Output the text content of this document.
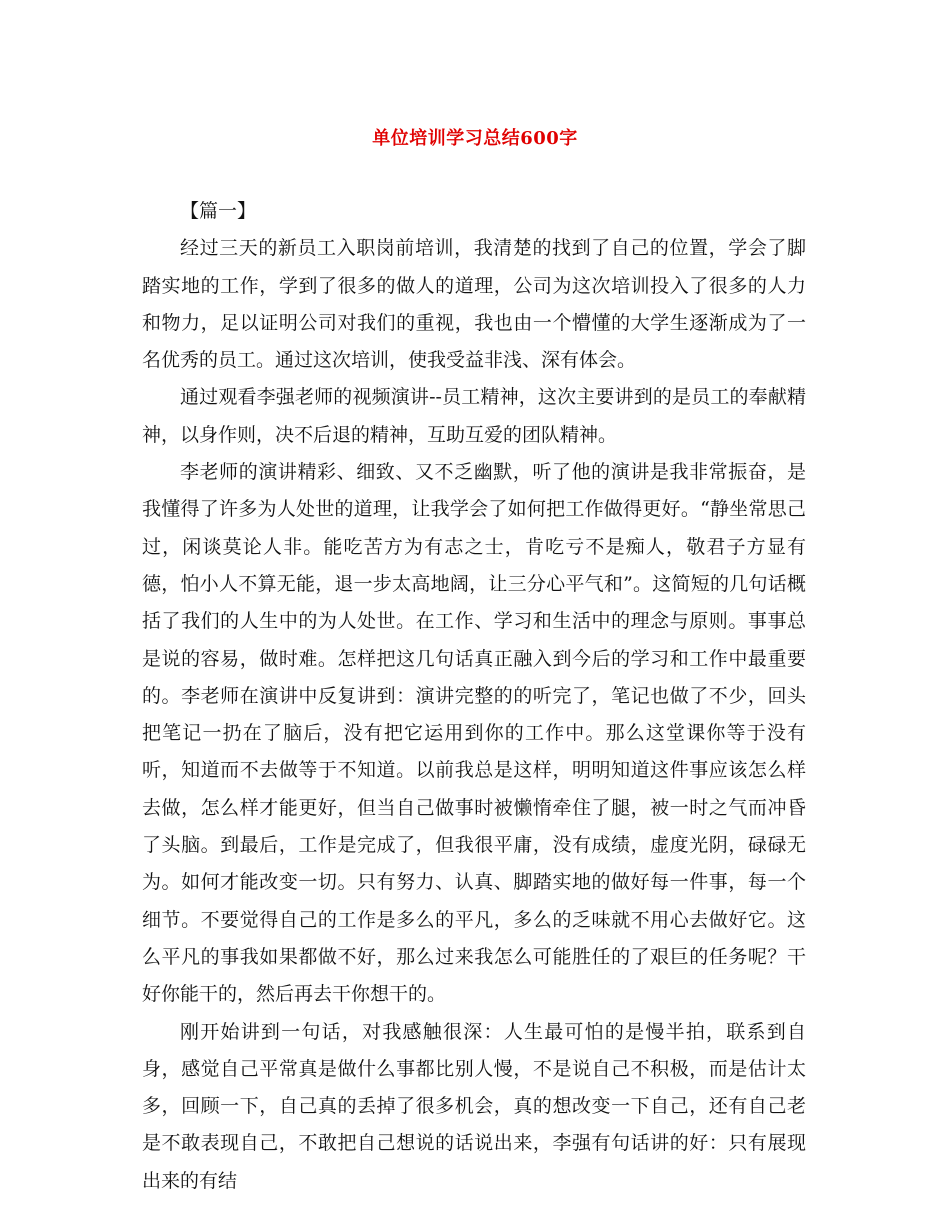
单位培训学习总结600字

【篇一】

经过三天的新员工入职岗前培训，我清楚的找到了自己的位置，学会了脚踏实地的工作，学到了很多的做人的道理，公司为这次培训投入了很多的人力和物力，足以证明公司对我们的重视，我也由一个懵懂的大学生逐渐成为了一名优秀的员工。通过这次培训，使我受益非浅、深有体会。

通过观看李强老师的视频演讲--员工精神，这次主要讲到的是员工的奉献精神，以身作则，决不后退的精神，互助互爱的团队精神。

李老师的演讲精彩、细致、又不乏幽默，听了他的演讲是我非常振奋，是我懂得了许多为人处世的道理，让我学会了如何把工作做得更好。“静坐常思己过，闲谈莫论人非。能吃苦方为有志之士，肯吃亏不是痴人，敬君子方显有德，怕小人不算无能，退一步太高地阔，让三分心平气和”。这简短的几句话概括了我们的人生中的为人处世。在工作、学习和生活中的理念与原则。事事总是说的容易，做时难。怎样把这几句话真正融入到今后的学习和工作中最重要的。李老师在演讲中反复讲到：演讲完整的的听完了，笔记也做了不少，回头把笔记一扔在了脑后，没有把它运用到你的工作中。那么这堂课你等于没有听，知道而不去做等于不知道。以前我总是这样，明明知道这件事应该怎么样去做，怎么样才能更好，但当自己做事时被懒惰牵住了腿，被一时之气而冲昏了头脑。到最后，工作是完成了，但我很平庸，没有成绩，虚度光阴，碌碌无为。如何才能改变一切。只有努力、认真、脚踏实地的做好每一件事，每一个细节。不要觉得自己的工作是多么的平凡，多么的乏味就不用心去做好它。这么平凡的事我如果都做不好，那么过来我怎么可能胜任的了艰巨的任务呢？干好你能干的，然后再去干你想干的。

刚开始讲到一句话，对我感触很深：人生最可怕的是慢半拍，联系到自身，感觉自己平常真是做什么事都比别人慢，不是说自己不积极，而是估计太多，回顾一下，自己真的丢掉了很多机会，真的想改变一下自己，还有自己老是不敢表现自己，不敢把自己想说的话说出来，李强有句话讲的好：只有展现出来的有结
